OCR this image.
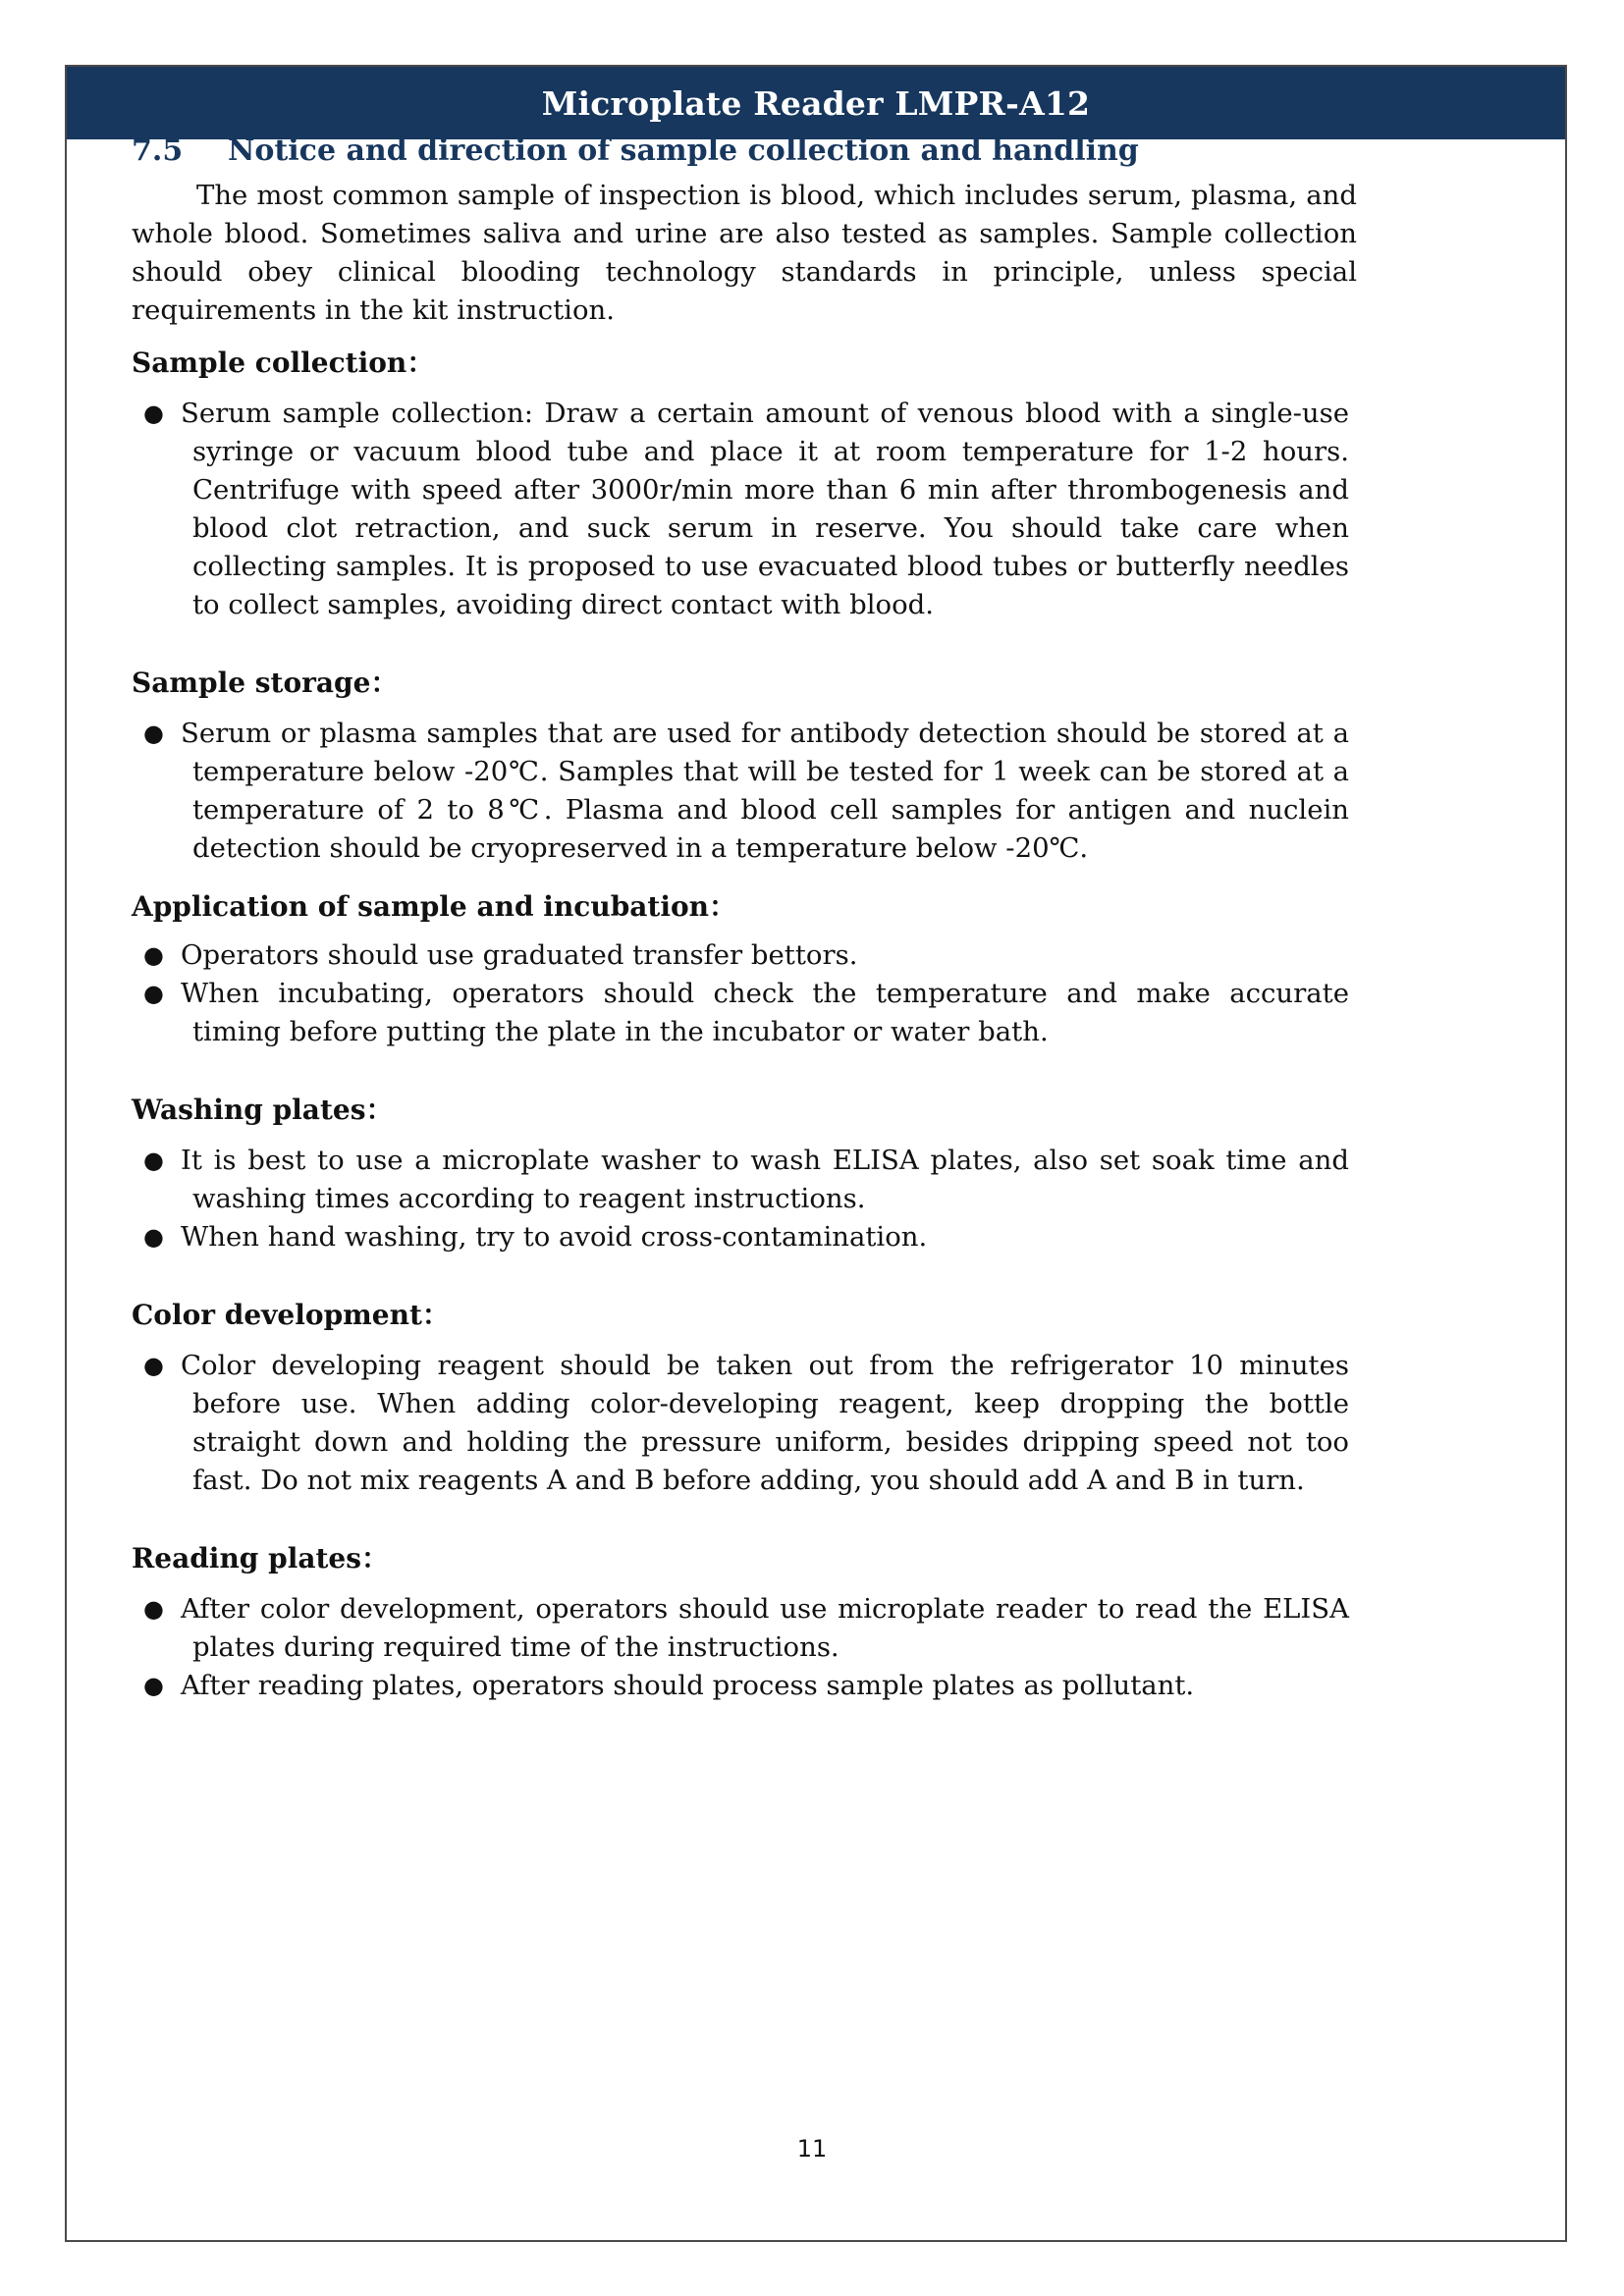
Microplate Reader LMPR-A12
7.5	Notice and direction of sample collection and handling

The most common sample of inspection is blood, which includes serum, plasma, and whole blood. Sometimes saliva and urine are also tested as samples. Sample collection should obey clinical blooding technology standards in principle, unless special requirements in the kit instruction.

Sample collection：

● Serum sample collection: Draw a certain amount of venous blood with a single-use syringe or vacuum blood tube and place it at room temperature for 1-2 hours. Centrifuge with speed after 3000r/min more than 6 min after thrombogenesis and blood clot retraction, and suck serum in reserve. You should take care when collecting samples. It is proposed to use evacuated blood tubes or butterfly needles to collect samples, avoiding direct contact with blood.

Sample storage：

● Serum or plasma samples that are used for antibody detection should be stored at a temperature below -20℃. Samples that will be tested for 1 week can be stored at a temperature of 2 to 8℃. Plasma and blood cell samples for antigen and nuclein detection should be cryopreserved in a temperature below -20℃.

Application of sample and incubation：

● Operators should use graduated transfer bettors.
● When incubating, operators should check the temperature and make accurate timing before putting the plate in the incubator or water bath.

Washing plates：

● It is best to use a microplate washer to wash ELISA plates, also set soak time and washing times according to reagent instructions.
● When hand washing, try to avoid cross-contamination.

Color development：

● Color developing reagent should be taken out from the refrigerator 10 minutes before use. When adding color-developing reagent, keep dropping the bottle straight down and holding the pressure uniform, besides dripping speed not too fast. Do not mix reagents A and B before adding, you should add A and B in turn.

Reading plates：

● After color development, operators should use microplate reader to read the ELISA plates during required time of the instructions.
● After reading plates, operators should process sample plates as pollutant.
11
